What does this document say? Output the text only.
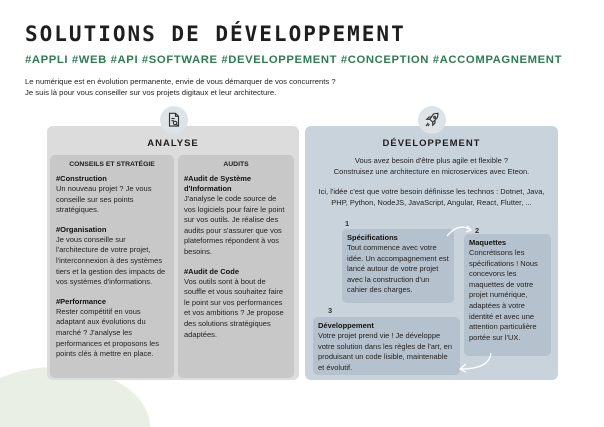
SOLUTIONS DE DÉVELOPPEMENT
#APPLI #WEB #API #SOFTWARE #DEVELOPPEMENT #CONCEPTION #ACCOMPAGNEMENT
Le numérique est en évolution permanente, envie de vous démarquer de vos concurrents ?
Je suis là pour vous conseiller sur vos projets digitaux et leur architecture.
ANALYSE
CONSEILS ET STRATÉGIE
#Construction
Un nouveau projet ? Je vous conseille sur ses points stratégiques.
#Organisation
Je vous conseille sur l'architecture de votre projet, l'interconnexion à des systèmes tiers et la gestion des impacts de vos systèmes d'informations.
#Performance
Rester compétitif en vous adaptant aux évolutions du marché ? J'analyse les performances et proposons les points clés à mettre en place.
AUDITS
#Audit de Système d'Information
J'analyse le code source de vos logiciels pour faire le point sur vos outils. Je réalise des audits pour s'assurer que vos plateformes répondent à vos besoins.
#Audit de Code
Vos outils sont à bout de souffle et vous souhaitez faire le point sur vos performances et vos ambitions ? Je propose des solutions stratégiques adaptées.
DÉVELOPPEMENT
Vous avez besoin d'être plus agile et flexible ?
Construisez une architecture en microservices avec Eteon.
Ici, l'idée c'est que votre besoin définisse les technos : Dotnet, Java, PHP, Python, NodeJS, JavaScript, Angular, React, Flutter, ...
1
Spécifications
Tout commence avec votre idée. Un accompagnement est lancé autour de votre projet avec la construction d'un cahier des charges.
2
Maquettes
Concrétisons les spécifications ! Nous concevons les maquettes de votre projet numérique, adaptées à votre identité et avec une attention particulière portée sur l'UX.
3
Développement
Votre projet prend vie ! Je développe votre solution dans les règles de l'art, en produisant un code lisible, maintenable et évolutif.
